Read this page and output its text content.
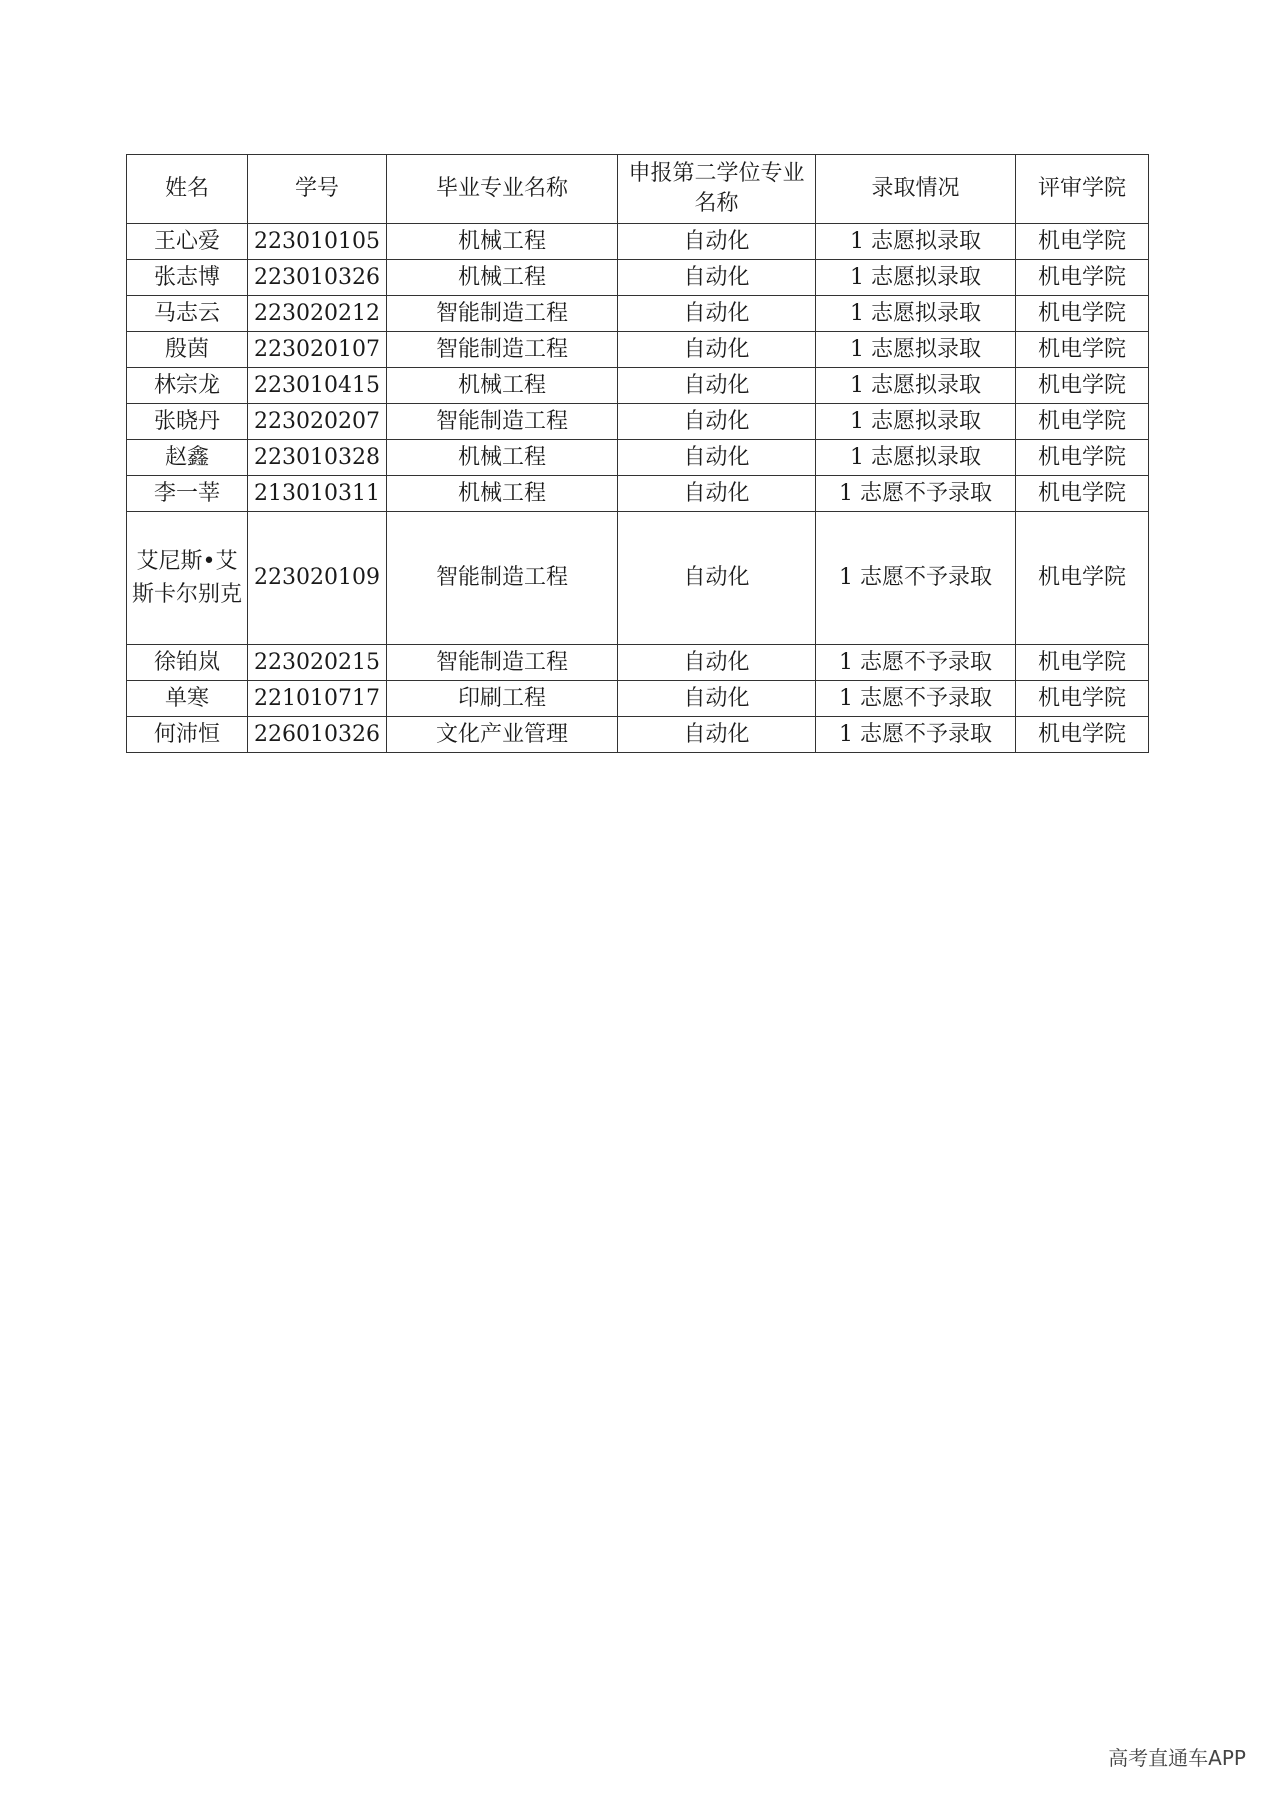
姓名	学号	毕业专业名称	申报第二学位专业名称	录取情况	评审学院
王心爱	223010105	机械工程	自动化	1 志愿拟录取	机电学院
张志博	223010326	机械工程	自动化	1 志愿拟录取	机电学院
马志云	223020212	智能制造工程	自动化	1 志愿拟录取	机电学院
殷茵	223020107	智能制造工程	自动化	1 志愿拟录取	机电学院
林宗龙	223010415	机械工程	自动化	1 志愿拟录取	机电学院
张晓丹	223020207	智能制造工程	自动化	1 志愿拟录取	机电学院
赵鑫	223010328	机械工程	自动化	1 志愿拟录取	机电学院
李一莘	213010311	机械工程	自动化	1 志愿不予录取	机电学院
艾尼斯•艾斯卡尔别克	223020109	智能制造工程	自动化	1 志愿不予录取	机电学院
徐铂岚	223020215	智能制造工程	自动化	1 志愿不予录取	机电学院
单寒	221010717	印刷工程	自动化	1 志愿不予录取	机电学院
何沛恒	226010326	文化产业管理	自动化	1 志愿不予录取	机电学院
高考直通车APP
